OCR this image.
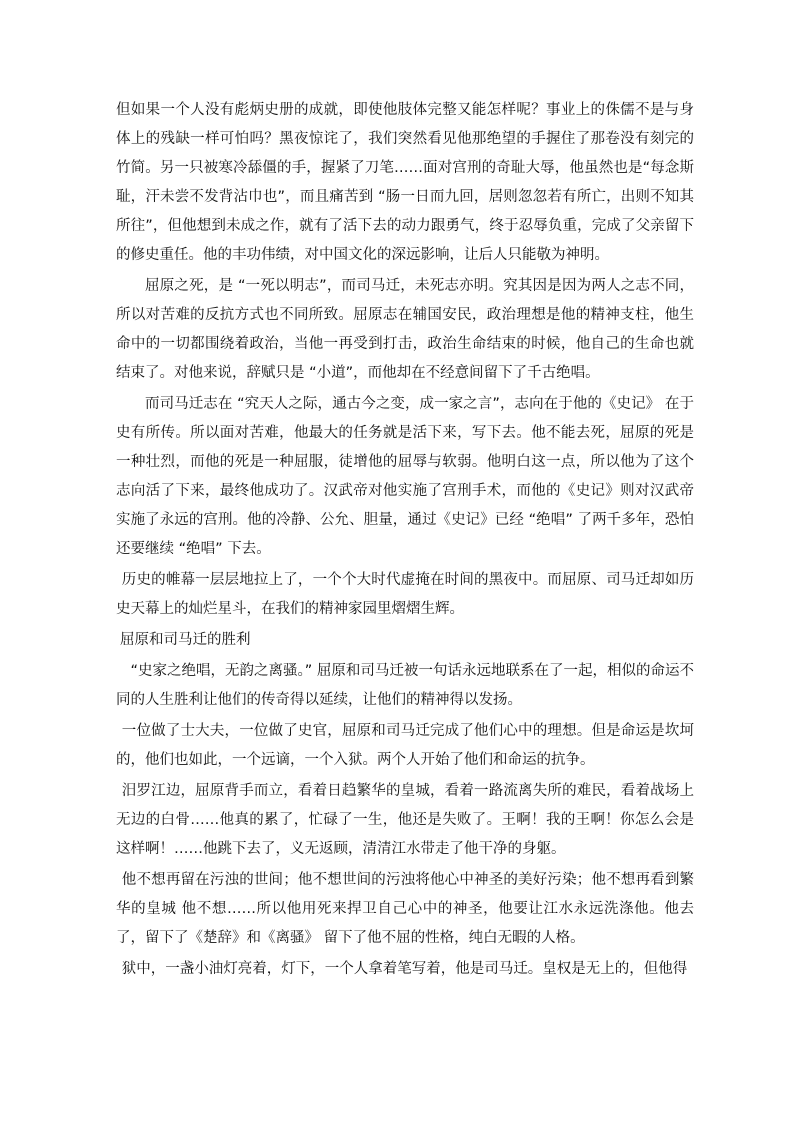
但如果一个人没有彪炳史册的成就，即使他肢体完整又能怎样呢？事业上的侏儒不是与身体上的残缺一样可怕吗？黑夜惊诧了，我们突然看见他那绝望的手握住了那卷没有刻完的竹简。另一只被寒冷舔僵的手，握紧了刀笔……面对宫刑的奇耻大辱，他虽然也是“每念斯耻，汗未尝不发背沾巾也”，而且痛苦到 “肠一日而九回，居则忽忽若有所亡，出则不知其所往”，但他想到未成之作，就有了活下去的动力跟勇气，终于忍辱负重，完成了父亲留下的修史重任。他的丰功伟绩，对中国文化的深远影响，让后人只能敬为神明。

屈原之死，是 “一死以明志”，而司马迁，未死志亦明。究其因是因为两人之志不同，所以对苦难的反抗方式也不同所致。屈原志在辅国安民，政治理想是他的精神支柱，他生命中的一切都围绕着政治，当他一再受到打击，政治生命结束的时候，他自己的生命也就结束了。对他来说，辞赋只是 “小道”，而他却在不经意间留下了千古绝唱。

而司马迁志在 “究天人之际，通古今之变，成一家之言”，志向在于他的《史记》 在于史有所传。所以面对苦难，他最大的任务就是活下来，写下去。他不能去死，屈原的死是一种壮烈，而他的死是一种屈服，徒增他的屈辱与软弱。他明白这一点，所以他为了这个志向活了下来，最终他成功了。汉武帝对他实施了宫刑手术，而他的《史记》则对汉武帝实施了永远的宫刑。他的冷静、公允、胆量，通过《史记》已经 “绝唱” 了两千多年，恐怕还要继续 “绝唱” 下去。

历史的帷幕一层层地拉上了，一个个大时代虚掩在时间的黑夜中。而屈原、司马迁却如历史天幕上的灿烂星斗，在我们的精神家园里熠熠生辉。

屈原和司马迁的胜利

“史家之绝唱，无韵之离骚。” 屈原和司马迁被一句话永远地联系在了一起，相似的命运不同的人生胜利让他们的传奇得以延续，让他们的精神得以发扬。

一位做了士大夫，一位做了史官，屈原和司马迁完成了他们心中的理想。但是命运是坎坷的，他们也如此，一个远谪，一个入狱。两个人开始了他们和命运的抗争。

汨罗江边，屈原背手而立，看着日趋繁华的皇城，看着一路流离失所的难民，看着战场上无边的白骨……他真的累了，忙碌了一生，他还是失败了。王啊！我的王啊！你怎么会是这样啊！……他跳下去了，义无返顾，清清江水带走了他干净的身躯。

他不想再留在污浊的世间；他不想世间的污浊将他心中神圣的美好污染；他不想再看到繁华的皇城 他不想……所以他用死来捍卫自己心中的神圣，他要让江水永远洗涤他。他去了，留下了《楚辞》和《离骚》 留下了他不屈的性格，纯白无暇的人格。

狱中，一盏小油灯亮着，灯下，一个人拿着笔写着，他是司马迁。皇权是无上的，但他得
